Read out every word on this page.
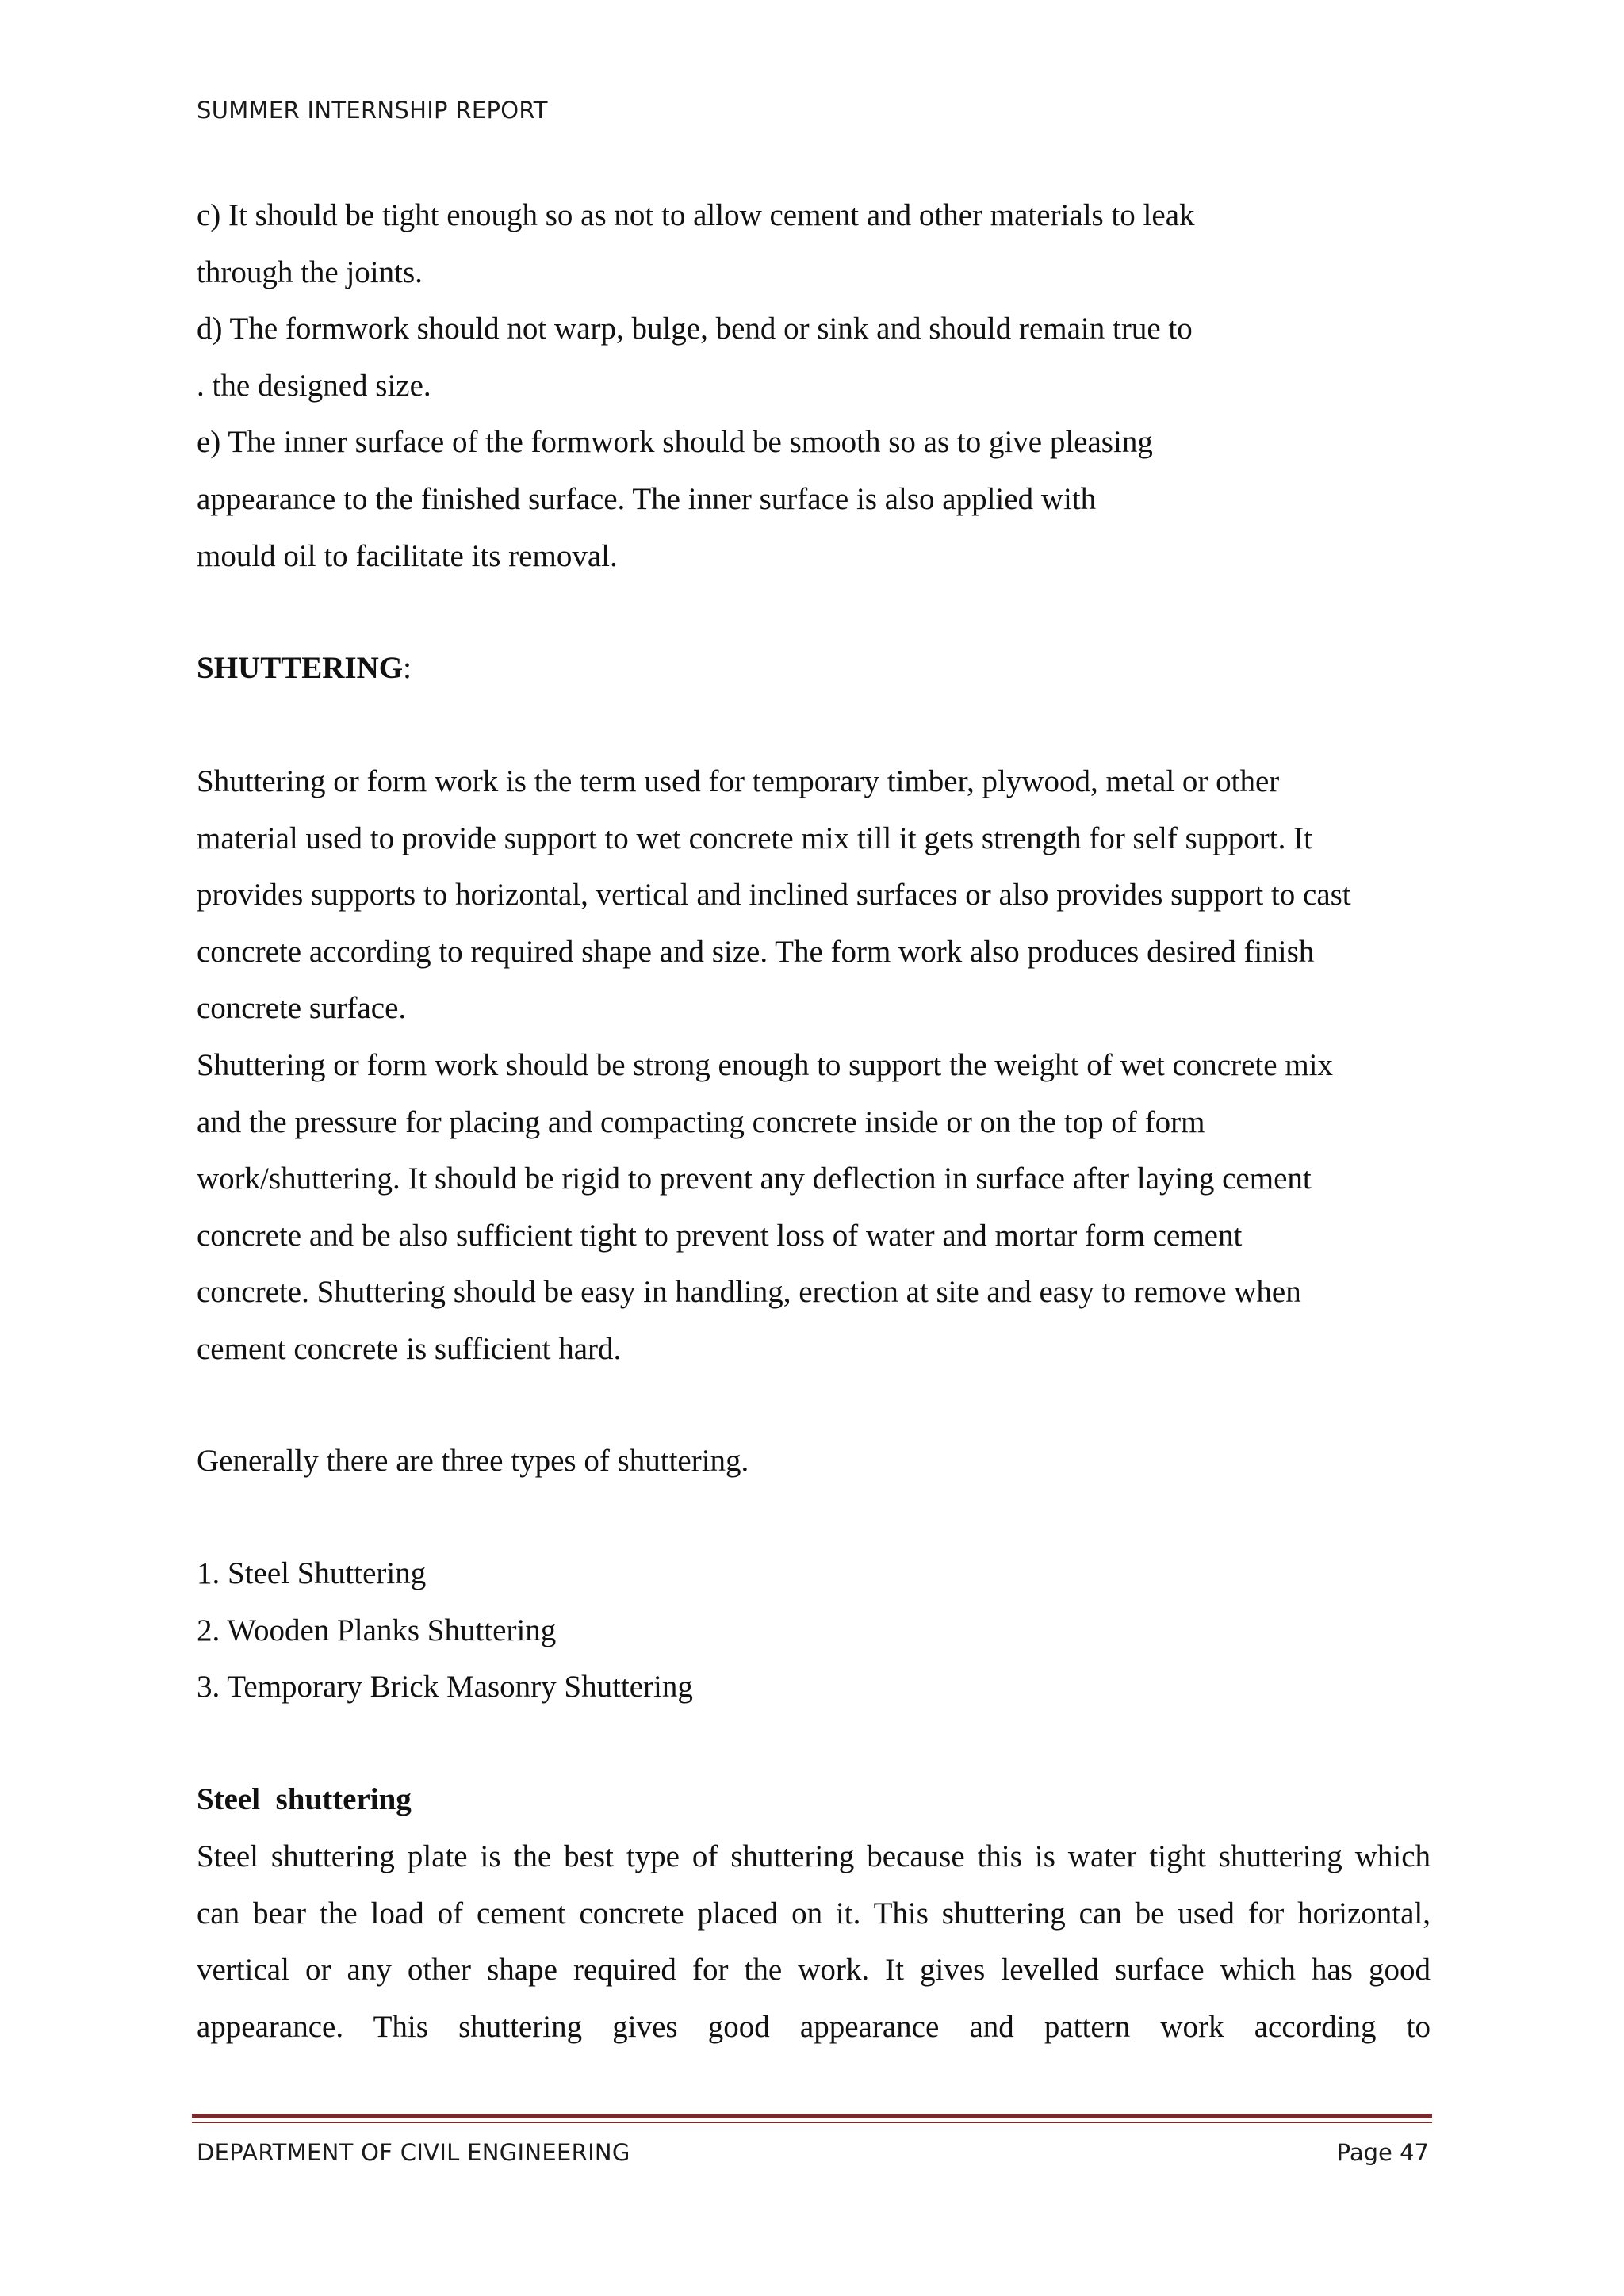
SUMMER INTERNSHIP REPORT
c) It should be tight enough so as not to allow cement and other materials to leak
through the joints.
d) The formwork should not warp, bulge, bend or sink and should remain true to
. the designed size.
e) The inner surface of the formwork should be smooth so as to give pleasing
appearance to the finished surface. The inner surface is also applied with
mould oil to facilitate its removal.
SHUTTERING:
Shuttering or form work is the term used for temporary timber, plywood, metal or other
material used to provide support to wet concrete mix till it gets strength for self support. It
provides supports to horizontal, vertical and inclined surfaces or also provides support to cast
concrete according to required shape and size. The form work also produces desired finish
concrete surface.
Shuttering or form work should be strong enough to support the weight of wet concrete mix
and the pressure for placing and compacting concrete inside or on the top of form
work/shuttering. It should be rigid to prevent any deflection in surface after laying cement
concrete and be also sufficient tight to prevent loss of water and mortar form cement
concrete. Shuttering should be easy in handling, erection at site and easy to remove when
cement concrete is sufficient hard.
Generally there are three types of shuttering.
1. Steel Shuttering
2. Wooden Planks Shuttering
3. Temporary Brick Masonry Shuttering
Steel  shuttering
Steel shuttering plate is the best type of shuttering because this is water tight shuttering which
can bear the load of cement concrete placed on it. This shuttering can be used for horizontal,
vertical or any other shape required for the work. It gives levelled surface which has good
appearance. This shuttering gives good appearance and pattern work according to
DEPARTMENT OF CIVIL ENGINEERING	Page 47
